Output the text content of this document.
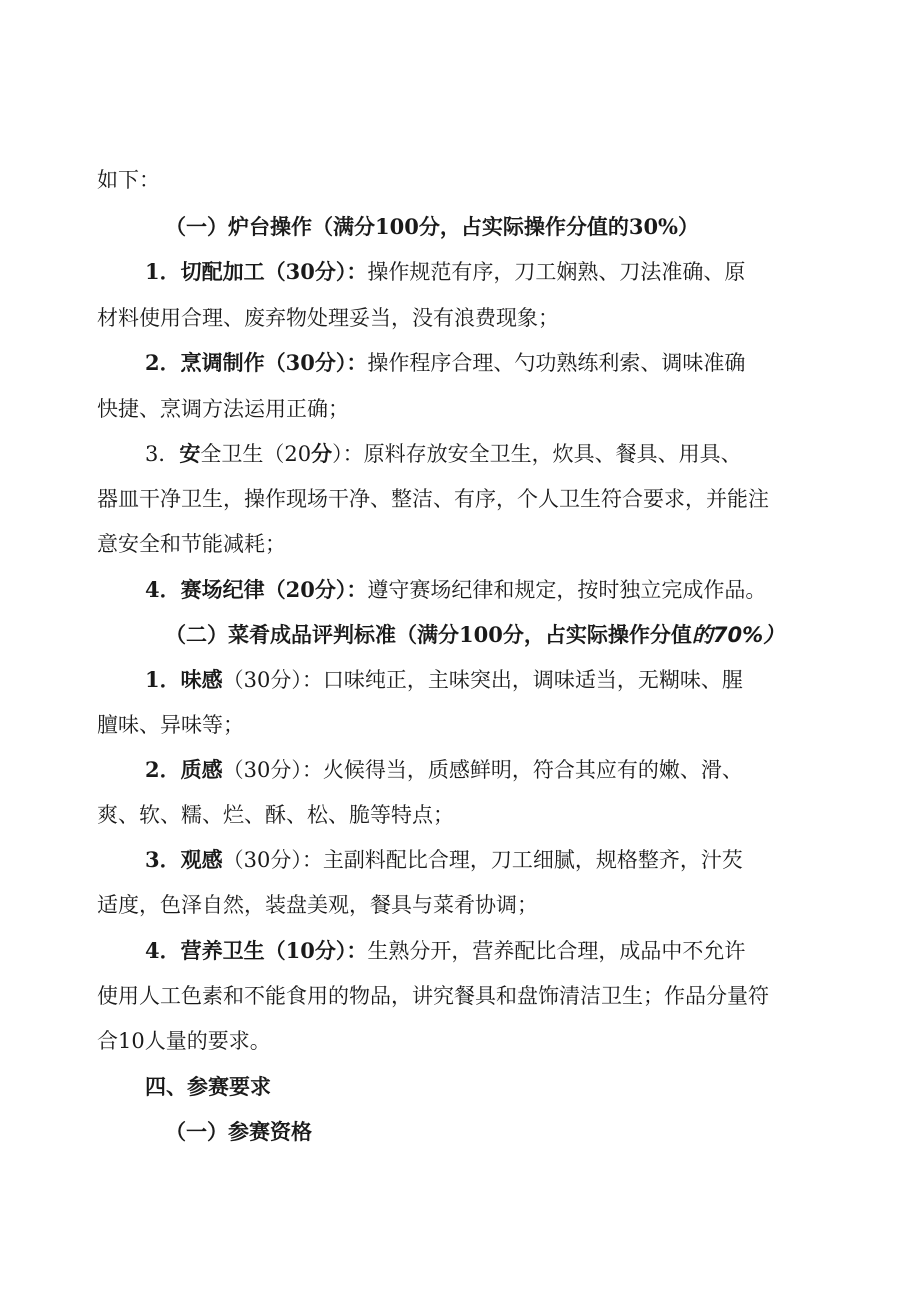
如下：
（一）炉台操作（满分100分，占实际操作分值的30%）
1．切配加工（30分）：操作规范有序，刀工娴熟、刀法准确、原
材料使用合理、废弃物处理妥当，没有浪费现象；
2．烹调制作（30分）：操作程序合理、勺功熟练利索、调味准确
快捷、烹调方法运用正确；
3．安全卫生（20分）：原料存放安全卫生，炊具、餐具、用具、
器皿干净卫生，操作现场干净、整洁、有序，个人卫生符合要求，并能注
意安全和节能减耗；
4．赛场纪律（20分）：遵守赛场纪律和规定，按时独立完成作品。
（二）菜肴成品评判标准（满分100分，占实际操作分值的70%）
1．味感（30分）：口味纯正，主味突出，调味适当，无糊味、腥
膻味、异味等；
2．质感（30分）：火候得当，质感鲜明，符合其应有的嫩、滑、
爽、软、糯、烂、酥、松、脆等特点；
3．观感（30分）：主副料配比合理，刀工细腻，规格整齐，汁芡
适度，色泽自然，装盘美观，餐具与菜肴协调；
4．营养卫生（10分）：生熟分开，营养配比合理，成品中不允许
使用人工色素和不能食用的物品，讲究餐具和盘饰清洁卫生；作品分量符
合10人量的要求。
四、参赛要求
（一）参赛资格
